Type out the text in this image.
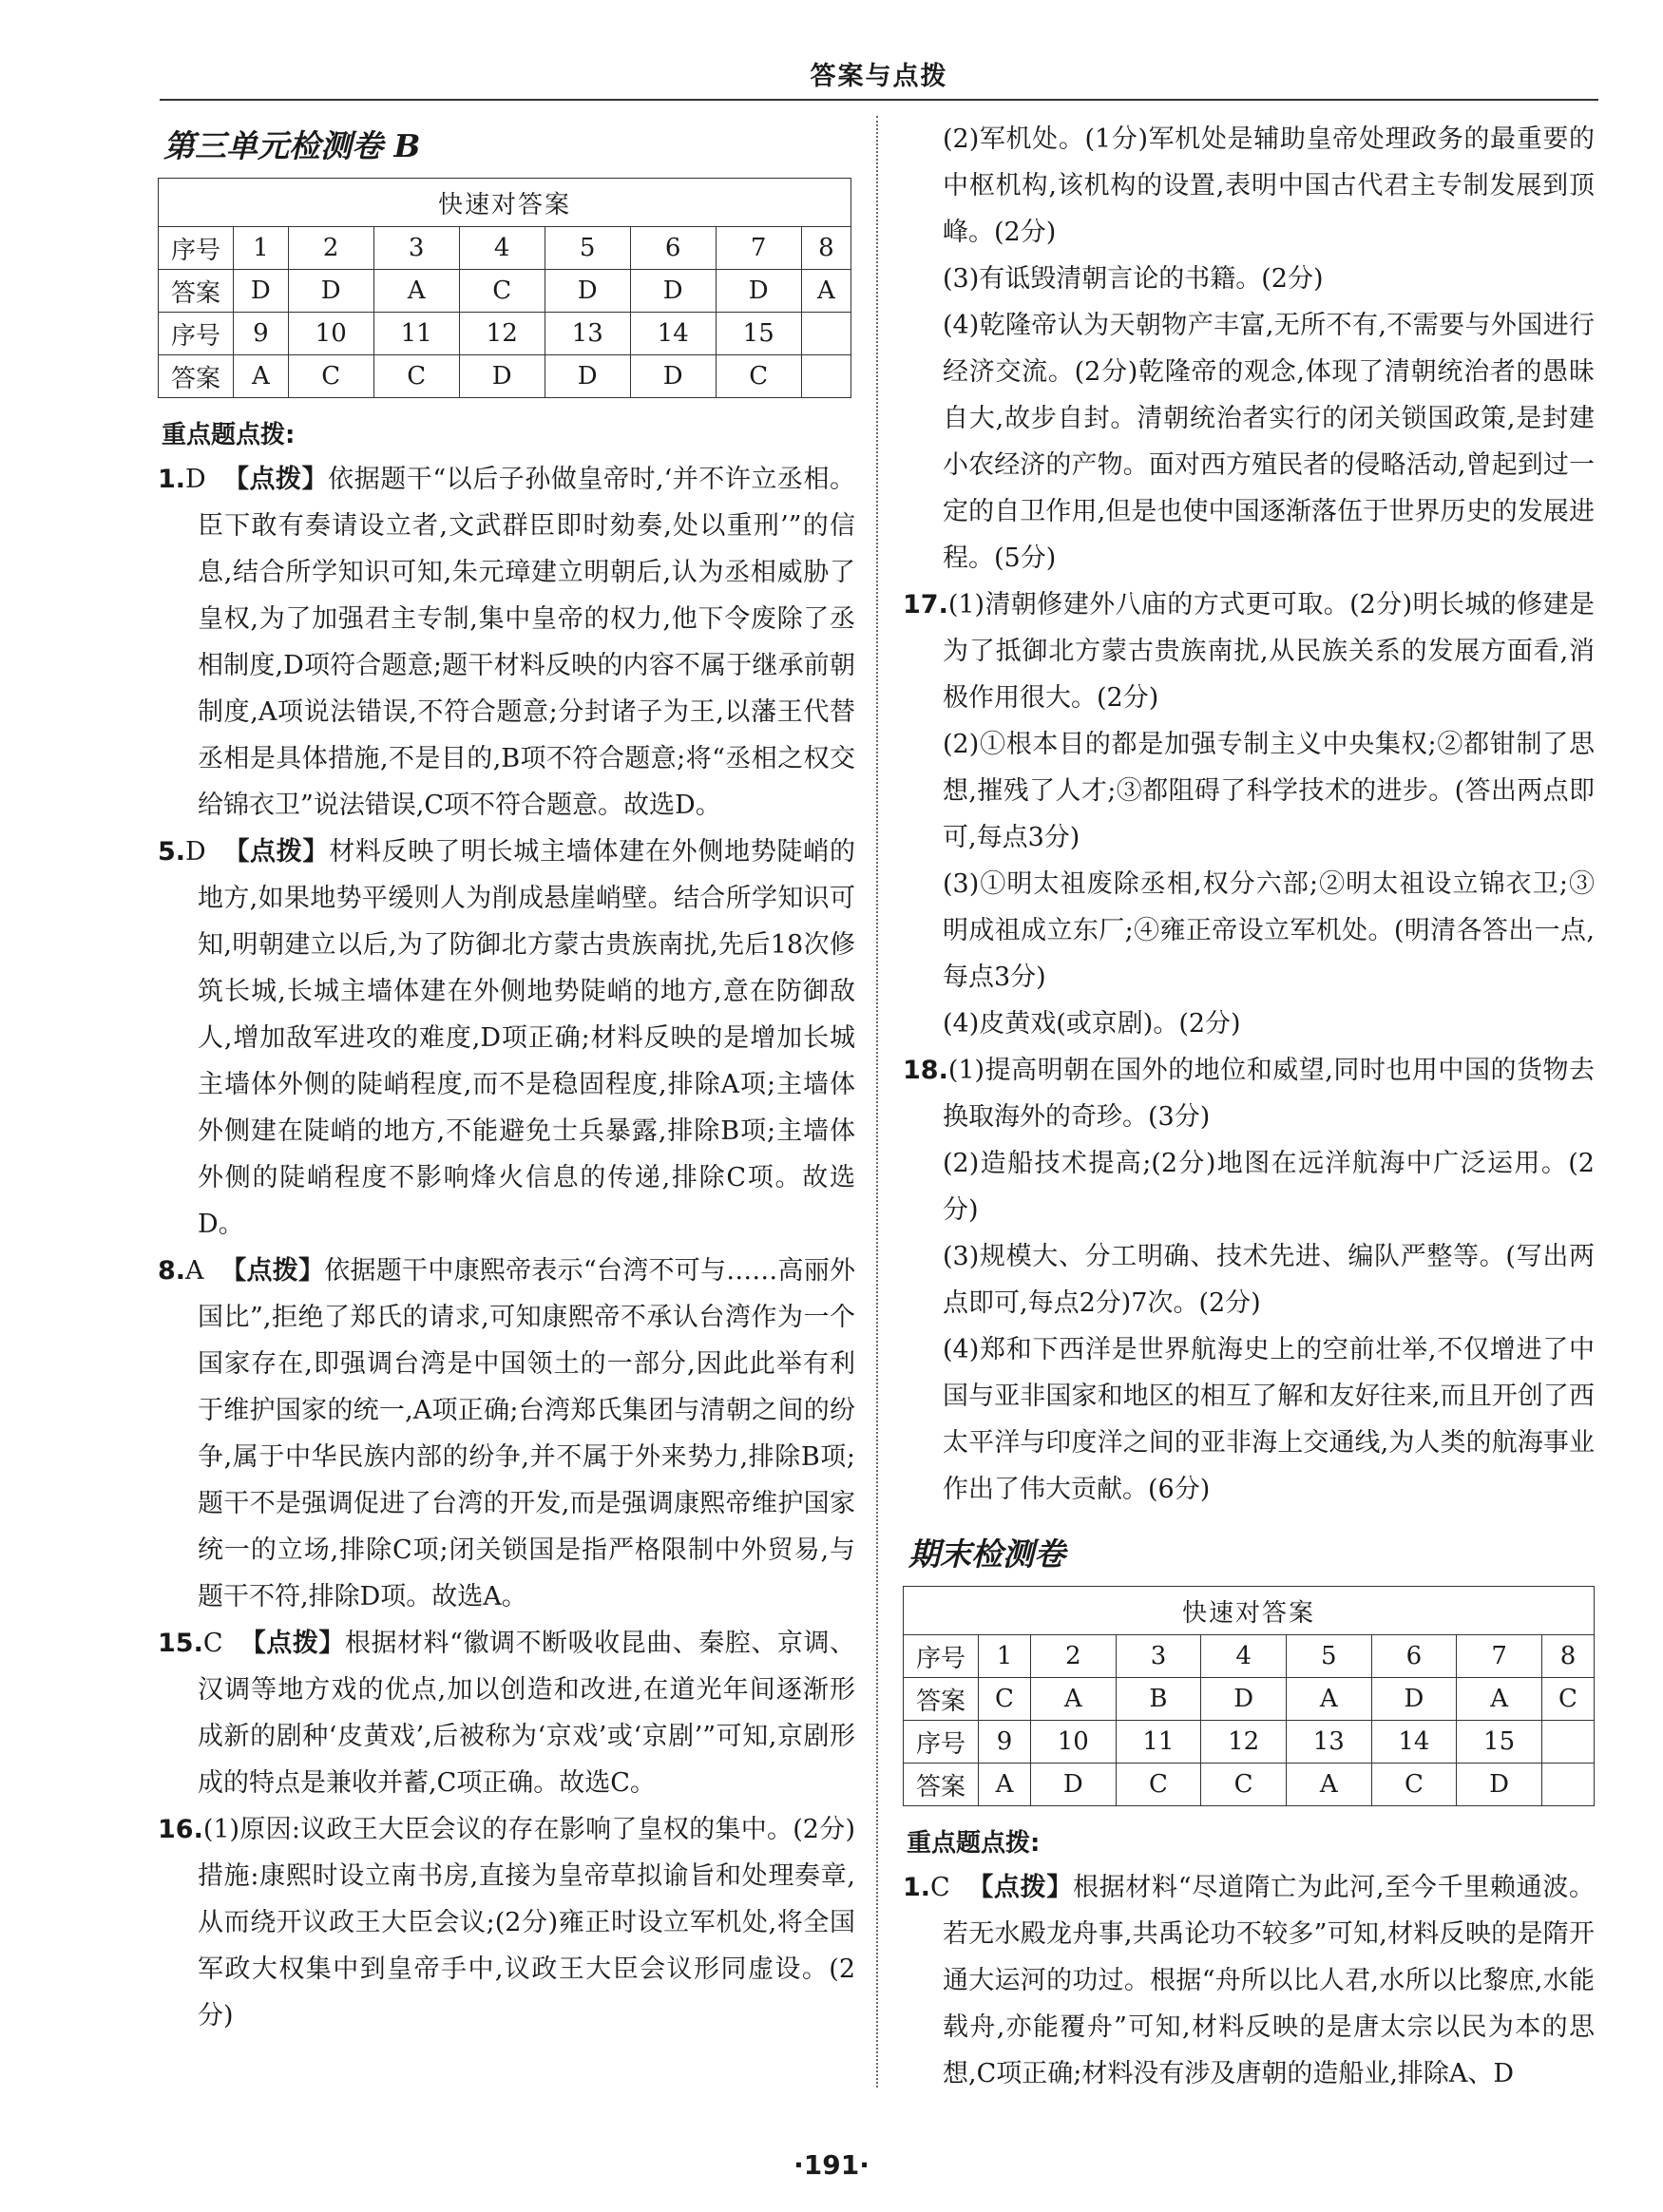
答案与点拨
第三单元检测卷 B
快速对答案								
序号	1	2	3	4	5	6	7	8
答案	D	D	A	C	D	D	D	A
序号	9	10	11	12	13	14	15	
答案	A	C	C	D	D	D	C	
重点题点拨:

1.D 【点拨】依据题干“以后子孙做皇帝时,‘并不许立丞相。臣下敢有奏请设立者,文武群臣即时劾奏,处以重刑’”的信息,结合所学知识可知,朱元璋建立明朝后,认为丞相威胁了皇权,为了加强君主专制,集中皇帝的权力,他下令废除了丞相制度,D项符合题意;题干材料反映的内容不属于继承前朝制度,A项说法错误,不符合题意;分封诸子为王,以藩王代替丞相是具体措施,不是目的,B项不符合题意;将“丞相之权交给锦衣卫”说法错误,C项不符合题意。故选D。

5.D 【点拨】材料反映了明长城主墙体建在外侧地势陡峭的地方,如果地势平缓则人为削成悬崖峭壁。结合所学知识可知,明朝建立以后,为了防御北方蒙古贵族南扰,先后18次修筑长城,长城主墙体建在外侧地势陡峭的地方,意在防御敌人,增加敌军进攻的难度,D项正确;材料反映的是增加长城主墙体外侧的陡峭程度,而不是稳固程度,排除A项;主墙体外侧建在陡峭的地方,不能避免士兵暴露,排除B项;主墙体外侧的陡峭程度不影响烽火信息的传递,排除C项。故选D。

8.A 【点拨】依据题干中康熙帝表示“台湾不可与……高丽外国比”,拒绝了郑氏的请求,可知康熙帝不承认台湾作为一个国家存在,即强调台湾是中国领土的一部分,因此此举有利于维护国家的统一,A项正确;台湾郑氏集团与清朝之间的纷争,属于中华民族内部的纷争,并不属于外来势力,排除B项;题干不是强调促进了台湾的开发,而是强调康熙帝维护国家统一的立场,排除C项;闭关锁国是指严格限制中外贸易,与题干不符,排除D项。故选A。

15.C 【点拨】根据材料“徽调不断吸收昆曲、秦腔、京调、汉调等地方戏的优点,加以创造和改进,在道光年间逐渐形成新的剧种‘皮黄戏’,后被称为‘京戏’或‘京剧’”可知,京剧形成的特点是兼收并蓄,C项正确。故选C。

16.(1)原因:议政王大臣会议的存在影响了皇权的集中。(2分)措施:康熙时设立南书房,直接为皇帝草拟谕旨和处理奏章,从而绕开议政王大臣会议;(2分)雍正时设立军机处,将全国军政大权集中到皇帝手中,议政王大臣会议形同虚设。(2分)

(2)军机处。(1分)军机处是辅助皇帝处理政务的最重要的中枢机构,该机构的设置,表明中国古代君主专制发展到顶峰。(2分)

(3)有诋毁清朝言论的书籍。(2分)

(4)乾隆帝认为天朝物产丰富,无所不有,不需要与外国进行经济交流。(2分)乾隆帝的观念,体现了清朝统治者的愚昧自大,故步自封。清朝统治者实行的闭关锁国政策,是封建小农经济的产物。面对西方殖民者的侵略活动,曾起到过一定的自卫作用,但是也使中国逐渐落伍于世界历史的发展进程。(5分)

17.(1)清朝修建外八庙的方式更可取。(2分)明长城的修建是为了抵御北方蒙古贵族南扰,从民族关系的发展方面看,消极作用很大。(2分)

(2)①根本目的都是加强专制主义中央集权;②都钳制了思想,摧残了人才;③都阻碍了科学技术的进步。(答出两点即可,每点3分)

(3)①明太祖废除丞相,权分六部;②明太祖设立锦衣卫;③明成祖成立东厂;④雍正帝设立军机处。(明清各答出一点,每点3分)

(4)皮黄戏(或京剧)。(2分)

18.(1)提高明朝在国外的地位和威望,同时也用中国的货物去换取海外的奇珍。(3分)

(2)造船技术提高;(2分)地图在远洋航海中广泛运用。(2分)

(3)规模大、分工明确、技术先进、编队严整等。(写出两点即可,每点2分)7次。(2分)

(4)郑和下西洋是世界航海史上的空前壮举,不仅增进了中国与亚非国家和地区的相互了解和友好往来,而且开创了西太平洋与印度洋之间的亚非海上交通线,为人类的航海事业作出了伟大贡献。(6分)

期末检测卷
快速对答案								
序号	1	2	3	4	5	6	7	8
答案	C	A	B	D	A	D	A	C
序号	9	10	11	12	13	14	15	
答案	A	D	C	C	A	C	D	
重点题点拨:

1.C 【点拨】根据材料“尽道隋亡为此河,至今千里赖通波。若无水殿龙舟事,共禹论功不较多”可知,材料反映的是隋开通大运河的功过。根据“舟所以比人君,水所以比黎庶,水能载舟,亦能覆舟”可知,材料反映的是唐太宗以民为本的思想,C项正确;材料没有涉及唐朝的造船业,排除A、D

·191·
